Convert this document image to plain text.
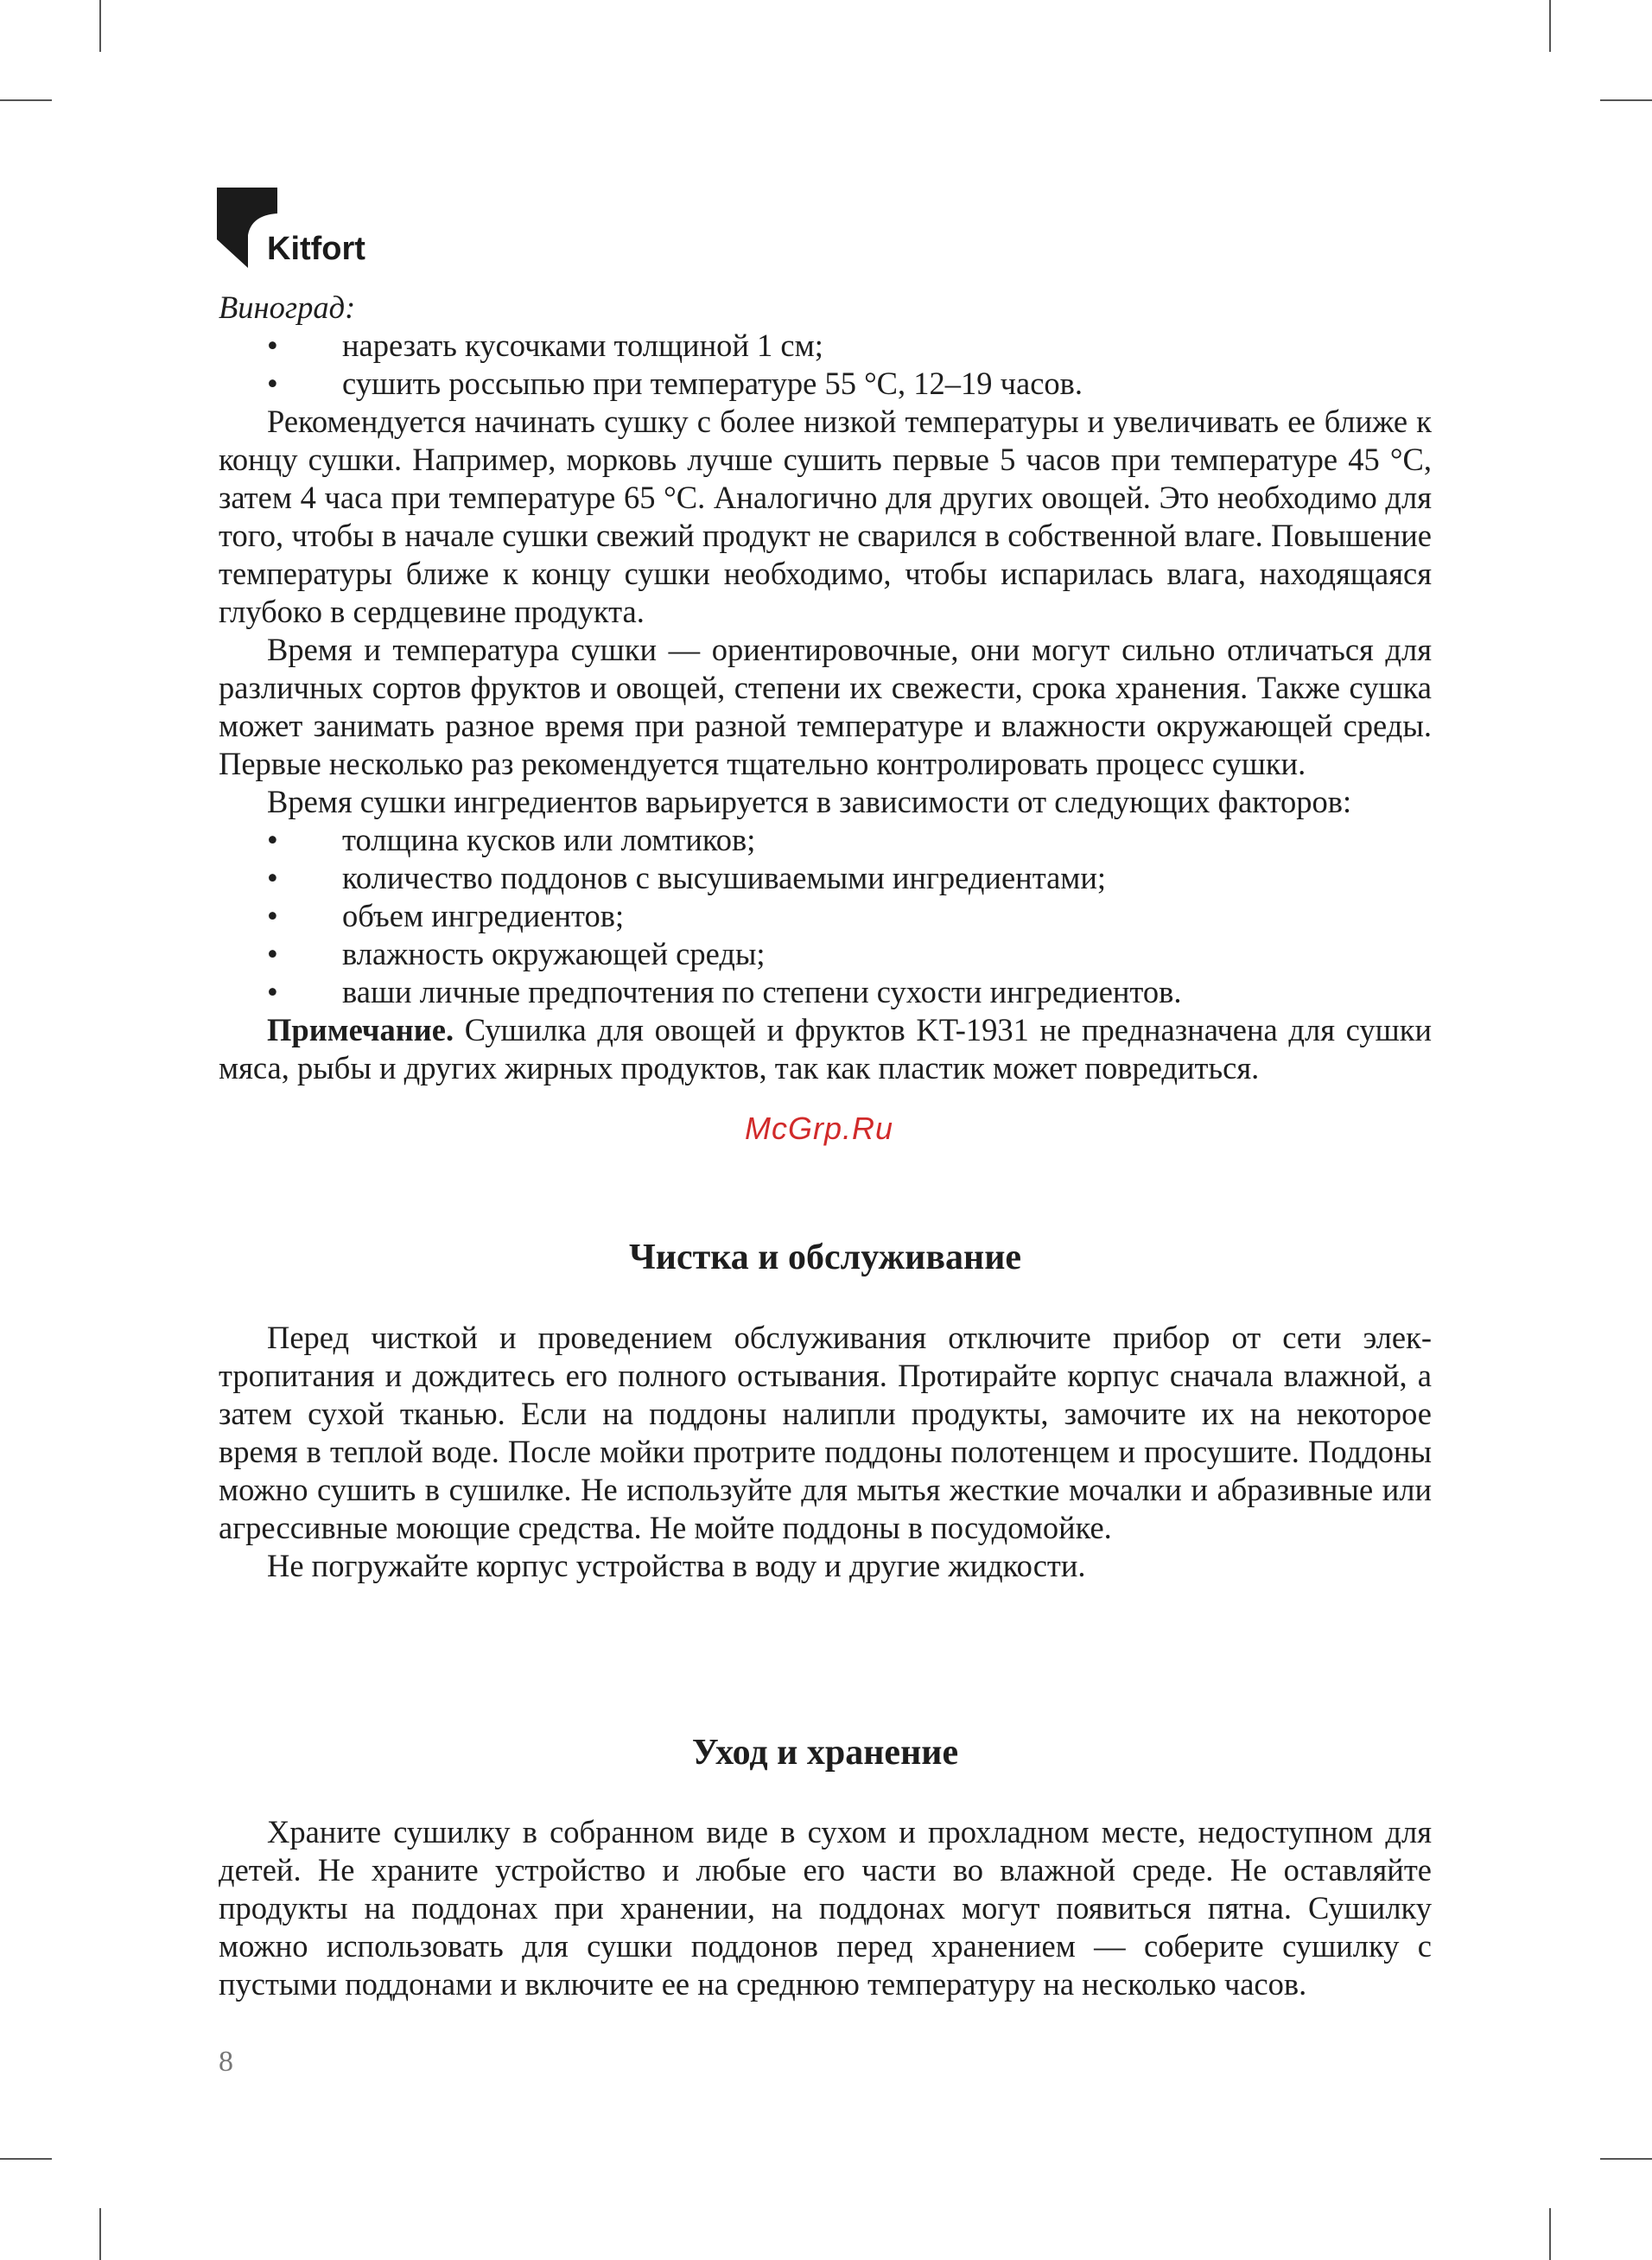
Kitfort

Виноград:

• нарезать кусочками толщиной 1 см;
• сушить россыпью при температуре 55 °C, 12–19 часов.

Рекомендуется начинать сушку с более низкой температуры и увеличивать ее ближе к концу сушки. Например, морковь лучше сушить первые 5 часов при температуре 45 °C, затем 4 часа при температуре 65 °C. Аналогично для других овощей. Это необходимо для того, чтобы в начале сушки свежий продукт не сварился в собственной влаге. Повышение температуры ближе к концу сушки необходимо, чтобы испарилась влага, находящаяся глубоко в сердцевине продукта.

Время и температура сушки — ориентировочные, они могут сильно отличаться для различных сортов фруктов и овощей, степени их свежести, срока хранения. Также сушка может занимать разное время при разной температуре и влажности окружающей среды. Первые несколько раз рекомендуется тщательно контролировать процесс сушки.

Время сушки ингредиентов варьируется в зависимости от следующих факторов:

• толщина кусков или ломтиков;
• количество поддонов с высушиваемыми ингредиентами;
• объем ингредиентов;
• влажность окружающей среды;
• ваши личные предпочтения по степени сухости ингредиентов.

Примечание. Сушилка для овощей и фруктов KT-1931 не предназначена для сушки мяса, рыбы и других жирных продуктов, так как пластик может повредиться.

McGrp.Ru
Чистка и обслуживание

Перед чисткой и проведением обслуживания отключите прибор от сети электропитания и дождитесь его полного остывания. Протирайте корпус сначала влажной, а затем сухой тканью. Если на поддоны налипли продукты, замочите их на некоторое время в теплой воде. После мойки протрите поддоны полотенцем и просушите. Поддоны можно сушить в сушилке. Не используйте для мытья жесткие мочалки и абразивные или агрессивные моющие средства. Не мойте поддоны в посудомойке.

Не погружайте корпус устройства в воду и другие жидкости.

Уход и хранение

Храните сушилку в собранном виде в сухом и прохладном месте, недоступном для детей. Не храните устройство и любые его части во влажной среде. Не оставляйте продукты на поддонах при хранении, на поддонах могут появиться пятна. Сушилку можно использовать для сушки поддонов перед хранением — соберите сушилку с пустыми поддонами и включите ее на среднюю температуру на несколько часов.

8
